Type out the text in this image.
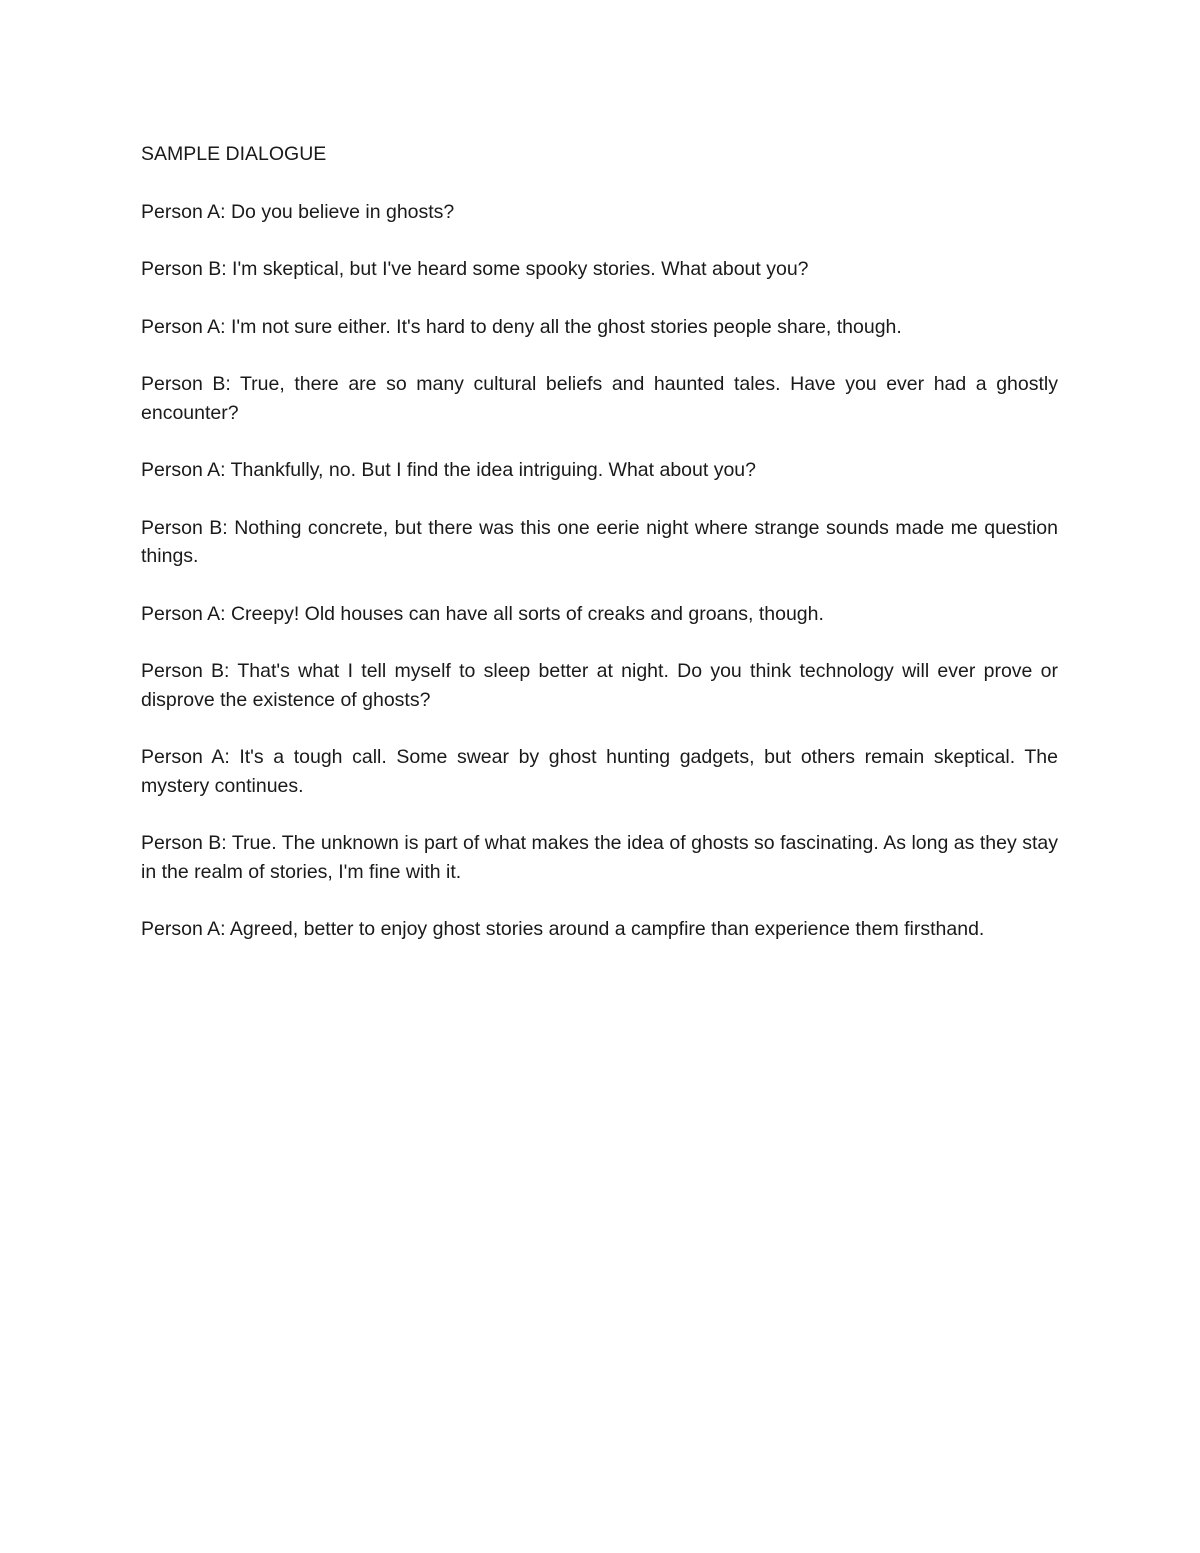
SAMPLE DIALOGUE

Person A: Do you believe in ghosts?

Person B: I'm skeptical, but I've heard some spooky stories. What about you?

Person A: I'm not sure either. It's hard to deny all the ghost stories people share, though.

Person B: True, there are so many cultural beliefs and haunted tales. Have you ever had a ghostly encounter?

Person A: Thankfully, no. But I find the idea intriguing. What about you?

Person B: Nothing concrete, but there was this one eerie night where strange sounds made me question things.

Person A: Creepy! Old houses can have all sorts of creaks and groans, though.

Person B: That's what I tell myself to sleep better at night. Do you think technology will ever prove or disprove the existence of ghosts?

Person A: It's a tough call. Some swear by ghost hunting gadgets, but others remain skeptical. The mystery continues.

Person B: True. The unknown is part of what makes the idea of ghosts so fascinating. As long as they stay in the realm of stories, I'm fine with it.

Person A: Agreed, better to enjoy ghost stories around a campfire than experience them firsthand.
